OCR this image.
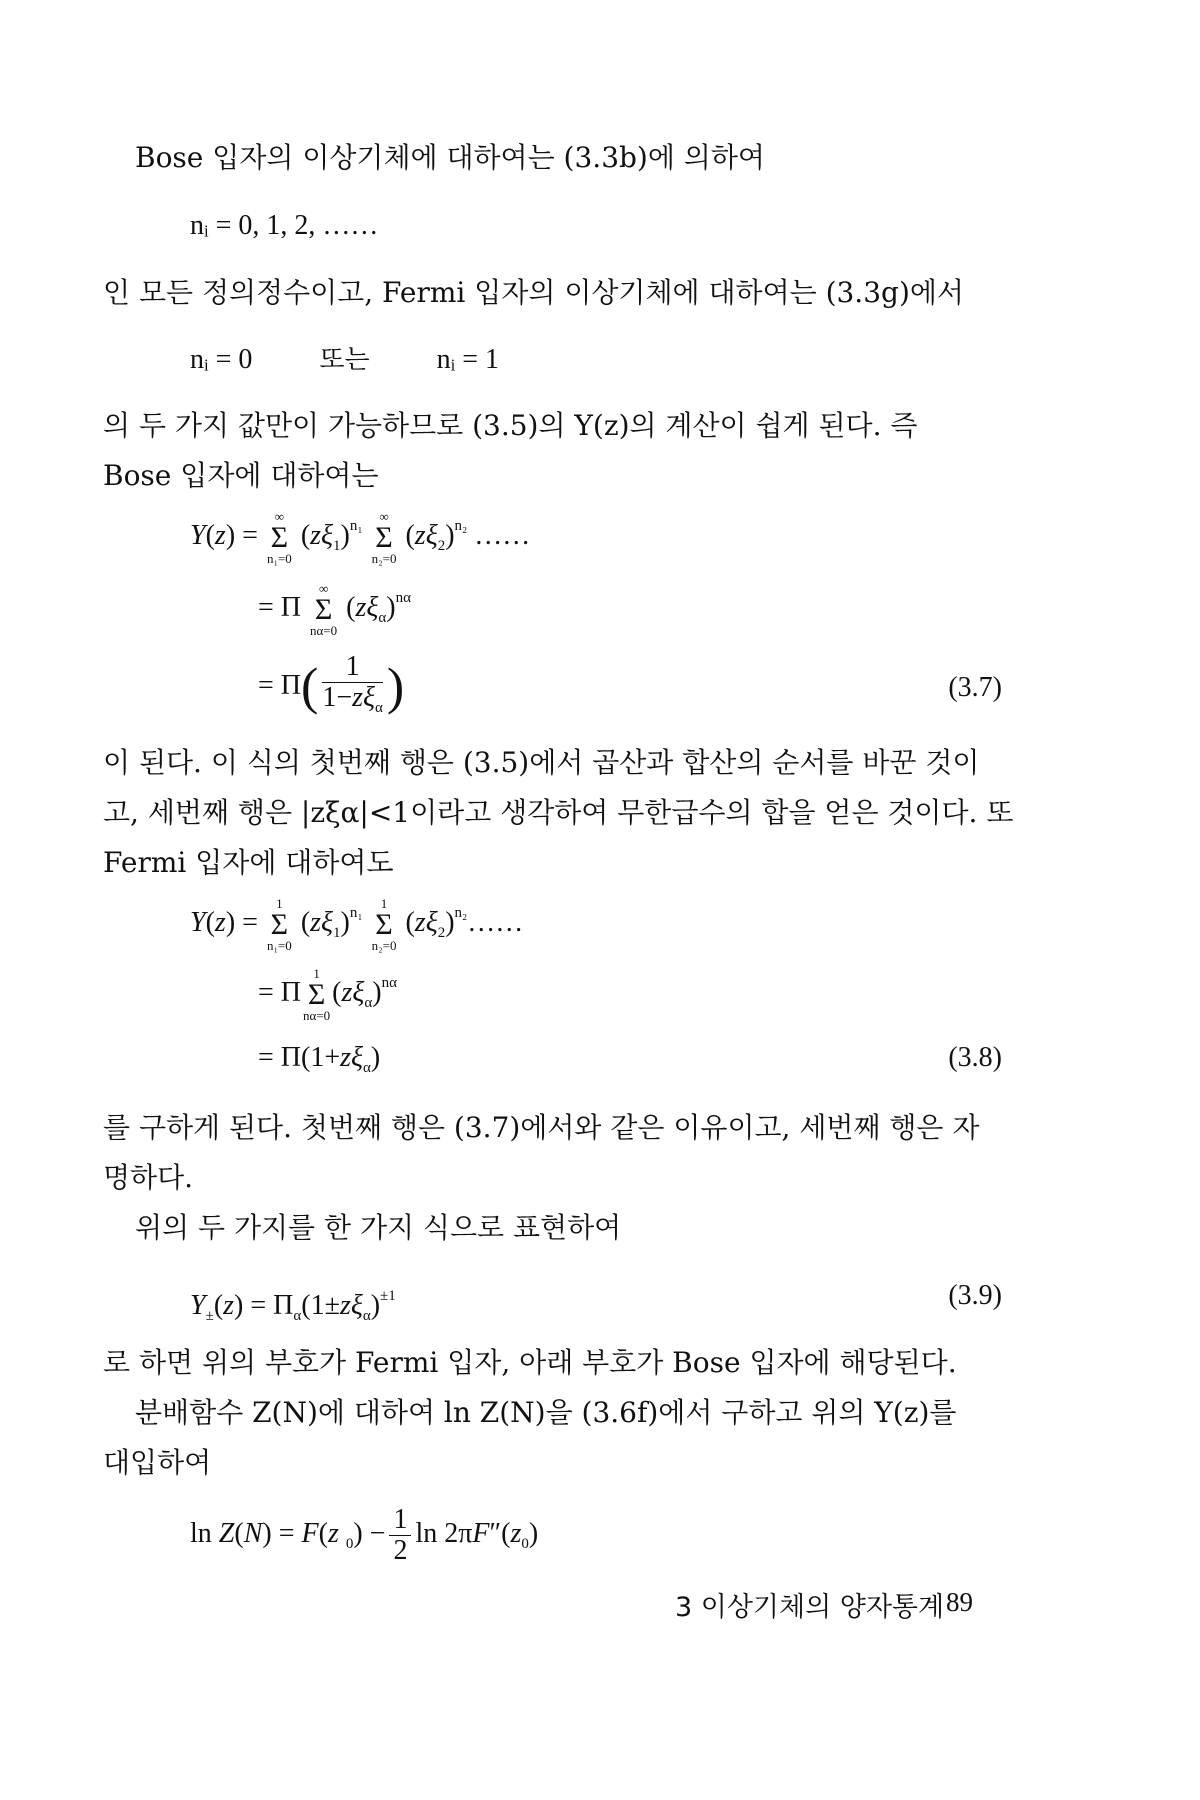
Bose 입자의 이상기체에 대하여는 (3.3b)에 의하여
nᵢ = 0, 1, 2, ……
인 모든 정의정수이고, Fermi 입자의 이상기체에 대하여는 (3.3g)에서
nᵢ = 0	또는 nᵢ = 1
의 두 가지 값만이 가능하므로 (3.5)의 Y(z)의 계산이 쉽게 된다. 즉
Bose 입자에 대하여는
Y(z) =
∞
Σ
n₁=0
$(z\xi_1)^{n_1}$
∞
Σ
n₂=0
$(z\xi_2)^{n_2}$ ……
= Π
∞
Σ
nα=0
$(z\xi_\alpha)^{n\alpha}$
= $\Pi( \frac{1}{1-z\xi_\alpha}$ )	(3.7)
이 된다. 이 식의 첫번째 행은 (3.5)에서 곱산과 합산의 순서를 바꾼 것이
고, 세번째 행은 |zξα|<1이라고 생각하여 무한급수의 합을 얻은 것이다. 또
Fermi 입자에 대하여도
Y(z) =
1
Σ
n₁=0
$(z\xi_1)^{n_1}$
1
Σ
n₂=0
$(z\xi_2)^{n_2}\dots\dots$
= Π
1
Σ
nα=0
$(z\xi_\alpha)^{n\alpha}$
= $\Pi(1+z\xi_\alpha)$	(3.8)
를 구하게 된다. 첫번째 행은 (3.7)에서와 같은 이유이고, 세번째 행은 자
명하다.
위의 두 가지를 한 가지 식으로 표현하여
$Y_\pm(z) = \Pi_\alpha(1\pm z\xi_\alpha)^{\pm 1}$	(3.9)
로 하면 위의 부호가 Fermi 입자, 아래 부호가 Bose 입자에 해당된다.
분배함수 Z(N)에 대하여 ln Z(N)을 (3.6f)에서 구하고 위의 Y(z)를
대입하여
ln Z(N) = F(z $_0) - \frac{1}{2}$ $\ln 2\pi F''(z_0)$
3 이상기체의 양자통계 89
